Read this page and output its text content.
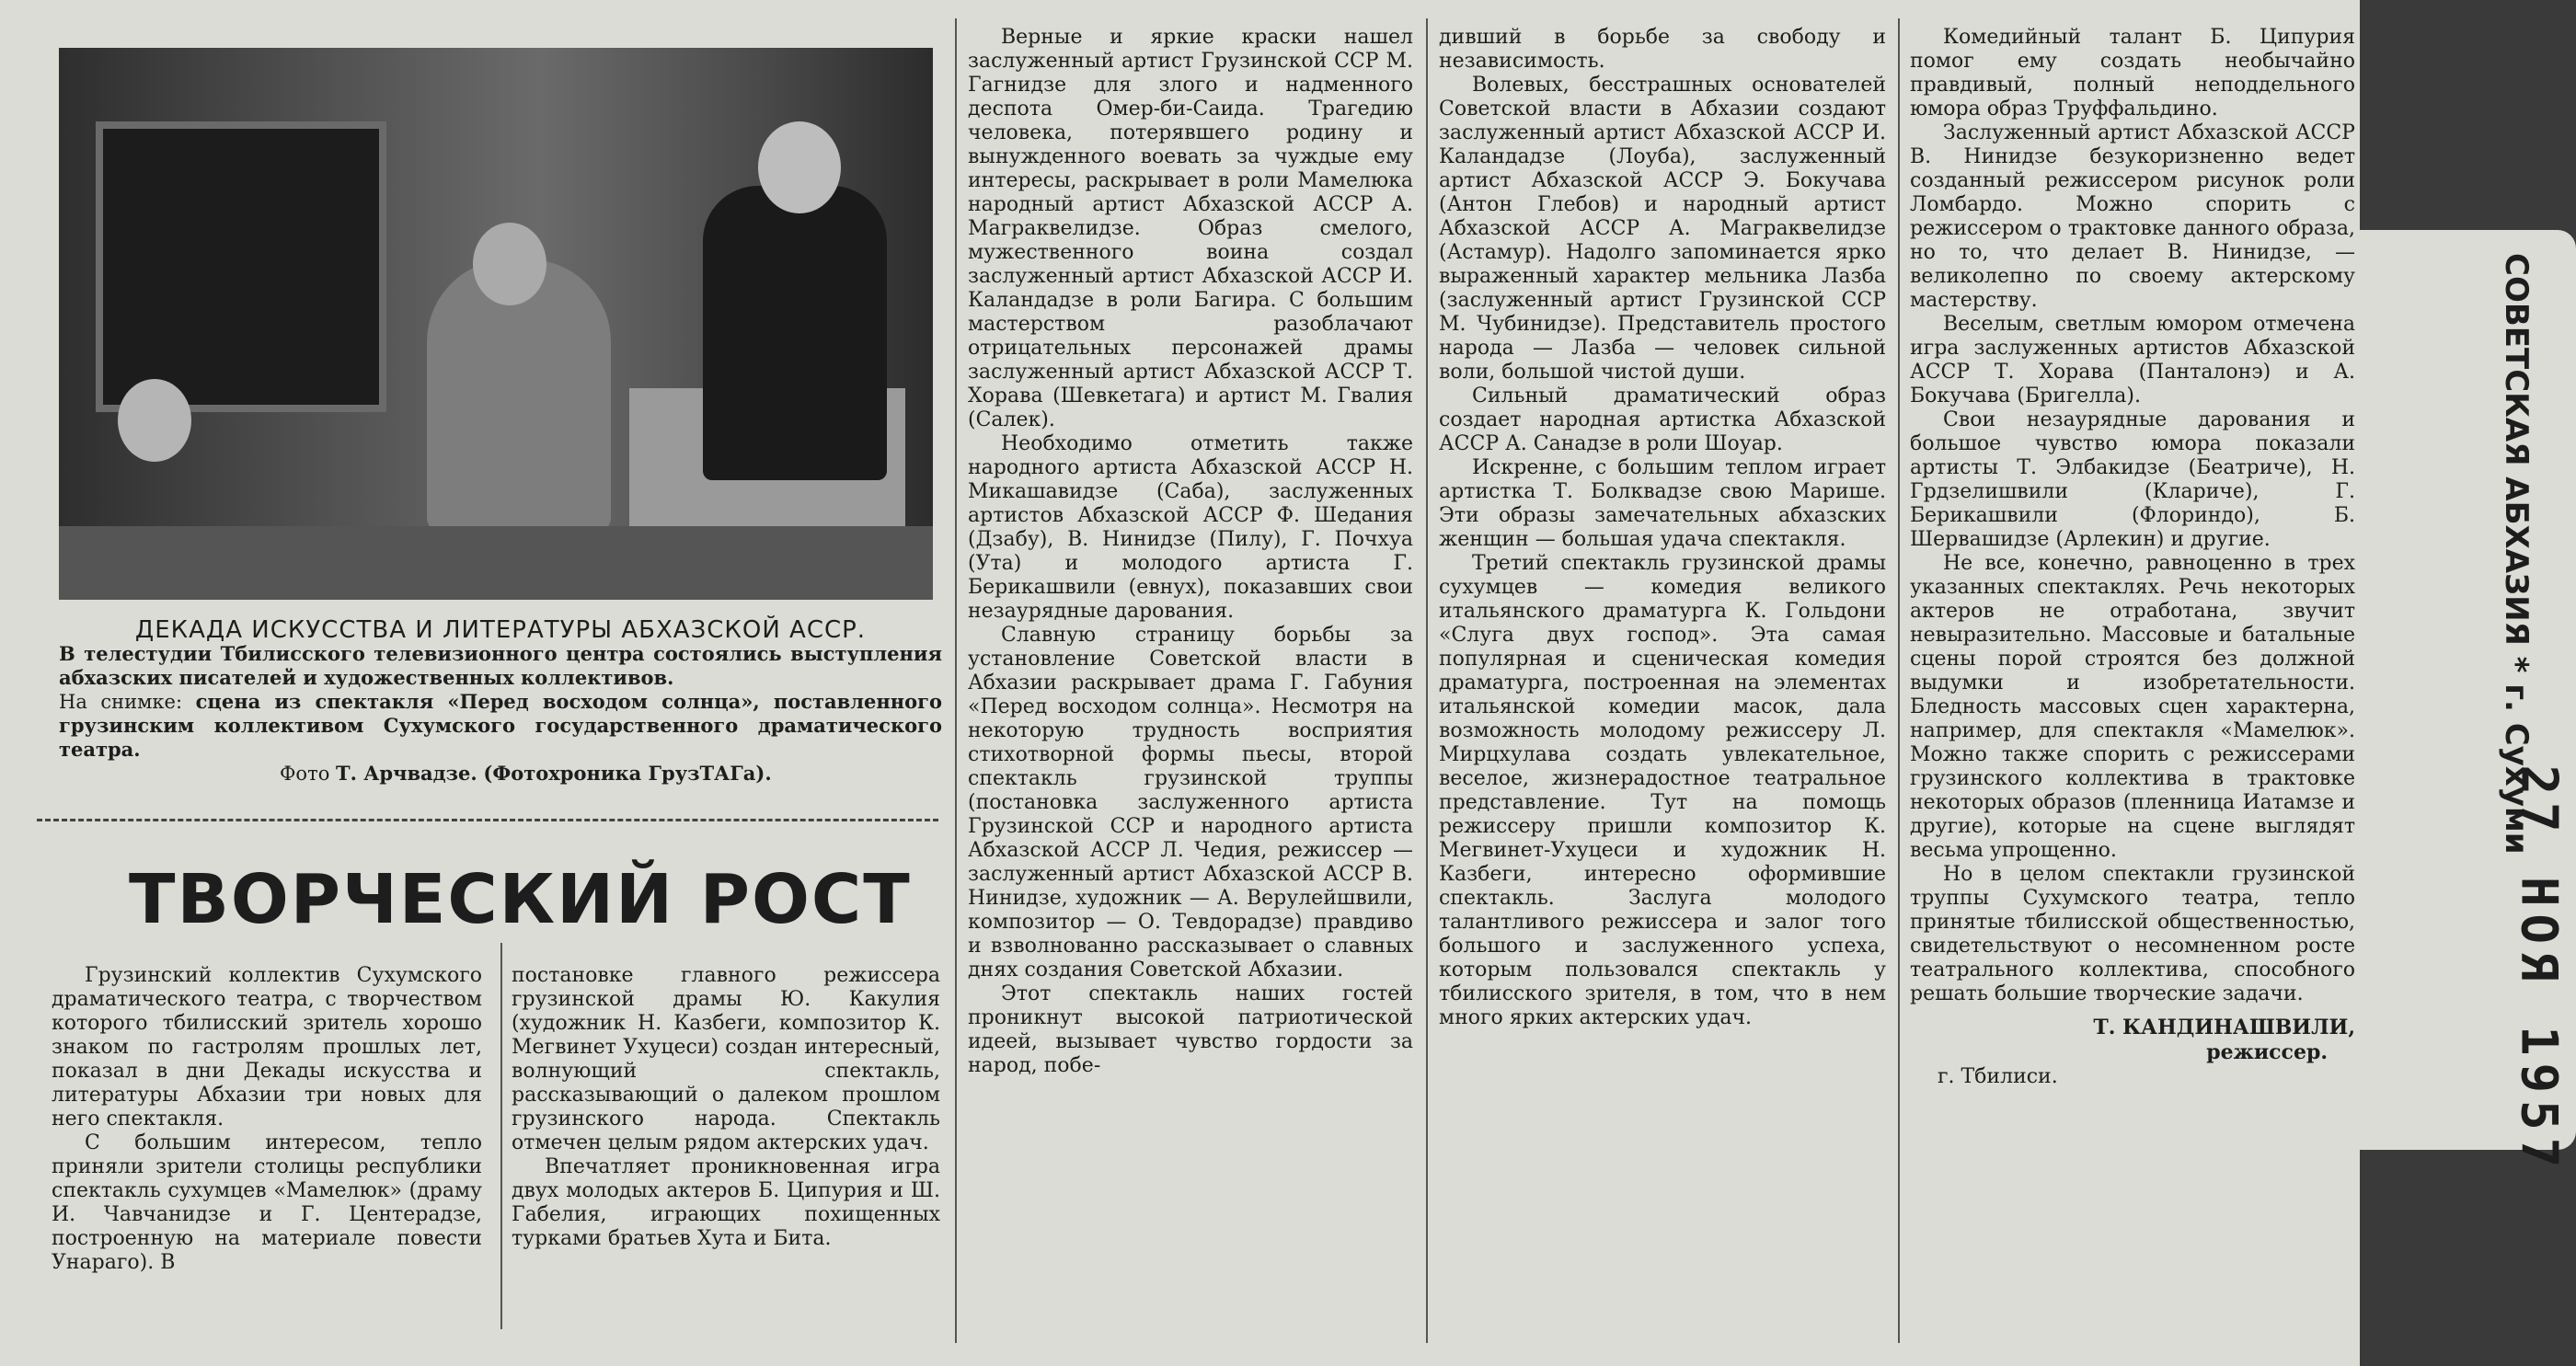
ДЕКАДА ИСКУССТВА И ЛИТЕРАТУРЫ АБХАЗСКОЙ АССР.
В телестудии Тбилисского телевизионного центра состоялись выступления абхазских писателей и художественных коллективов.
На снимке: сцена из спектакля «Перед восходом солнца», поставленного грузинским коллективом Сухумского государственного драматического театра.
Фото Т. Арчвадзе. (Фотохроника ГрузТАГа).
ТВОРЧЕСКИЙ РОСТ

Грузинский коллектив Сухумского драматического театра, с творчеством которого тбилисский зритель хорошо знаком по гастролям прошлых лет, показал в дни Декады искусства и литературы Абхазии три новых для него спектакля.

С большим интересом, тепло приняли зрители столицы республики спектакль сухумцев «Мамелюк» (драму И. Чавчанидзе и Г. Центерадзе, построенную на материале повести Унараго). В

постановке главного режиссера грузинской драмы Ю. Какулия (художник Н. Казбеги, композитор К. Мегвинет Ухуцеси) создан интересный, волнующий спектакль, рассказывающий о далеком прошлом грузинского народа. Спектакль отмечен целым рядом актерских удач.

Впечатляет проникновенная игра двух молодых актеров Б. Ципурия и Ш. Габелия, играющих похищенных турками братьев Хута и Бита.

Верные и яркие краски нашел заслуженный артист Грузинской ССР М. Гагнидзе для злого и надменного деспота Омер-би-Саида. Трагедию человека, потерявшего родину и вынужденного воевать за чуждые ему интересы, раскрывает в роли Мамелюка народный артист Абхазской АССР А. Маграквелидзе. Образ смелого, мужественного воина создал заслуженный артист Абхазской АССР И. Каландадзе в роли Багира. С большим мастерством разоблачают отрицательных персонажей драмы заслуженный артист Абхазской АССР Т. Хорава (Шевкетага) и артист М. Гвалия (Салек).

Необходимо отметить также народного артиста Абхазской АССР Н. Микашавидзе (Саба), заслуженных артистов Абхазской АССР Ф. Шедания (Дзабу), В. Нинидзе (Пилу), Г. Почхуа (Ута) и молодого артиста Г. Берикашвили (евнух), показавших свои незаурядные дарования.

Славную страницу борьбы за установление Советской власти в Абхазии раскрывает драма Г. Габуния «Перед восходом солнца». Несмотря на некоторую трудность восприятия стихотворной формы пьесы, второй спектакль грузинской труппы (постановка заслуженного артиста Грузинской ССР и народного артиста Абхазской АССР Л. Чедия, режиссер — заслуженный артист Абхазской АССР В. Нинидзе, художник — А. Верулейшвили, композитор — О. Тевдорадзе) правдиво и взволнованно рассказывает о славных днях создания Советской Абхазии.

Этот спектакль наших гостей проникнут высокой патриотической идеей, вызывает чувство гордости за народ, побе-

дивший в борьбе за свободу и независимость.

Волевых, бесстрашных основателей Советской власти в Абхазии создают заслуженный артист Абхазской АССР И. Каландадзе (Лоуба), заслуженный артист Абхазской АССР Э. Бокучава (Антон Глебов) и народный артист Абхазской АССР А. Маграквелидзе (Астамур). Надолго запоминается ярко выраженный характер мельника Лазба (заслуженный артист Грузинской ССР М. Чубинидзе). Представитель простого народа — Лазба — человек сильной воли, большой чистой души.

Сильный драматический образ создает народная артистка Абхазской АССР А. Санадзе в роли Шоуар.

Искренне, с большим теплом играет артистка Т. Болквадзе свою Марише. Эти образы замечательных абхазских женщин — большая удача спектакля.

Третий спектакль грузинской драмы сухумцев — комедия великого итальянского драматурга К. Гольдони «Слуга двух господ». Эта самая популярная и сценическая комедия драматурга, построенная на элементах итальянской комедии масок, дала возможность молодому режиссеру Л. Мирцхулава создать увлекательное, веселое, жизнерадостное театральное представление. Тут на помощь режиссеру пришли композитор К. Мегвинет-Ухуцеси и художник Н. Казбеги, интересно оформившие спектакль. Заслуга молодого талантливого режиссера и залог того большого и заслуженного успеха, которым пользовался спектакль у тбилисского зрителя, в том, что в нем много ярких актерских удач.

Комедийный талант Б. Ципурия помог ему создать необычайно правдивый, полный неподдельного юмора образ Труффальдино.

Заслуженный артист Абхазской АССР В. Нинидзе безукоризненно ведет созданный режиссером рисунок роли Ломбардо. Можно спорить с режиссером о трактовке данного образа, но то, что делает В. Нинидзе, — великолепно по своему актерскому мастерству.

Веселым, светлым юмором отмечена игра заслуженных артистов Абхазской АССР Т. Хорава (Панталонэ) и А. Бокучава (Бригелла).

Свои незаурядные дарования и большое чувство юмора показали артисты Т. Элбакидзе (Беатриче), Н. Грдзелишвили (Кларичe), Г. Берикашвили (Флориндо), Б. Шервашидзе (Арлекин) и другие.

Не все, конечно, равноценно в трех указанных спектаклях. Речь некоторых актеров не отработана, звучит невыразительно. Массовые и батальные сцены порой строятся без должной выдумки и изобретательности. Бледность массовых сцен характерна, например, для спектакля «Мамелюк». Можно также спорить с режиссерами грузинского коллектива в трактовке некоторых образов (пленница Иатамзе и другие), которые на сцене выглядят весьма упрощенно.

Но в целом спектакли грузинской труппы Сухумского театра, тепло принятые тбилисской общественностью, свидетельствуют о несомненном росте театрального коллектива, способного решать большие творческие задачи.

Т. КАНДИНАШВИЛИ,

режиссер.

г. Тбилиси.

СОВЕТСКАЯ АБХАЗИЯ * г. Сухуми
27 НОЯ 1957
